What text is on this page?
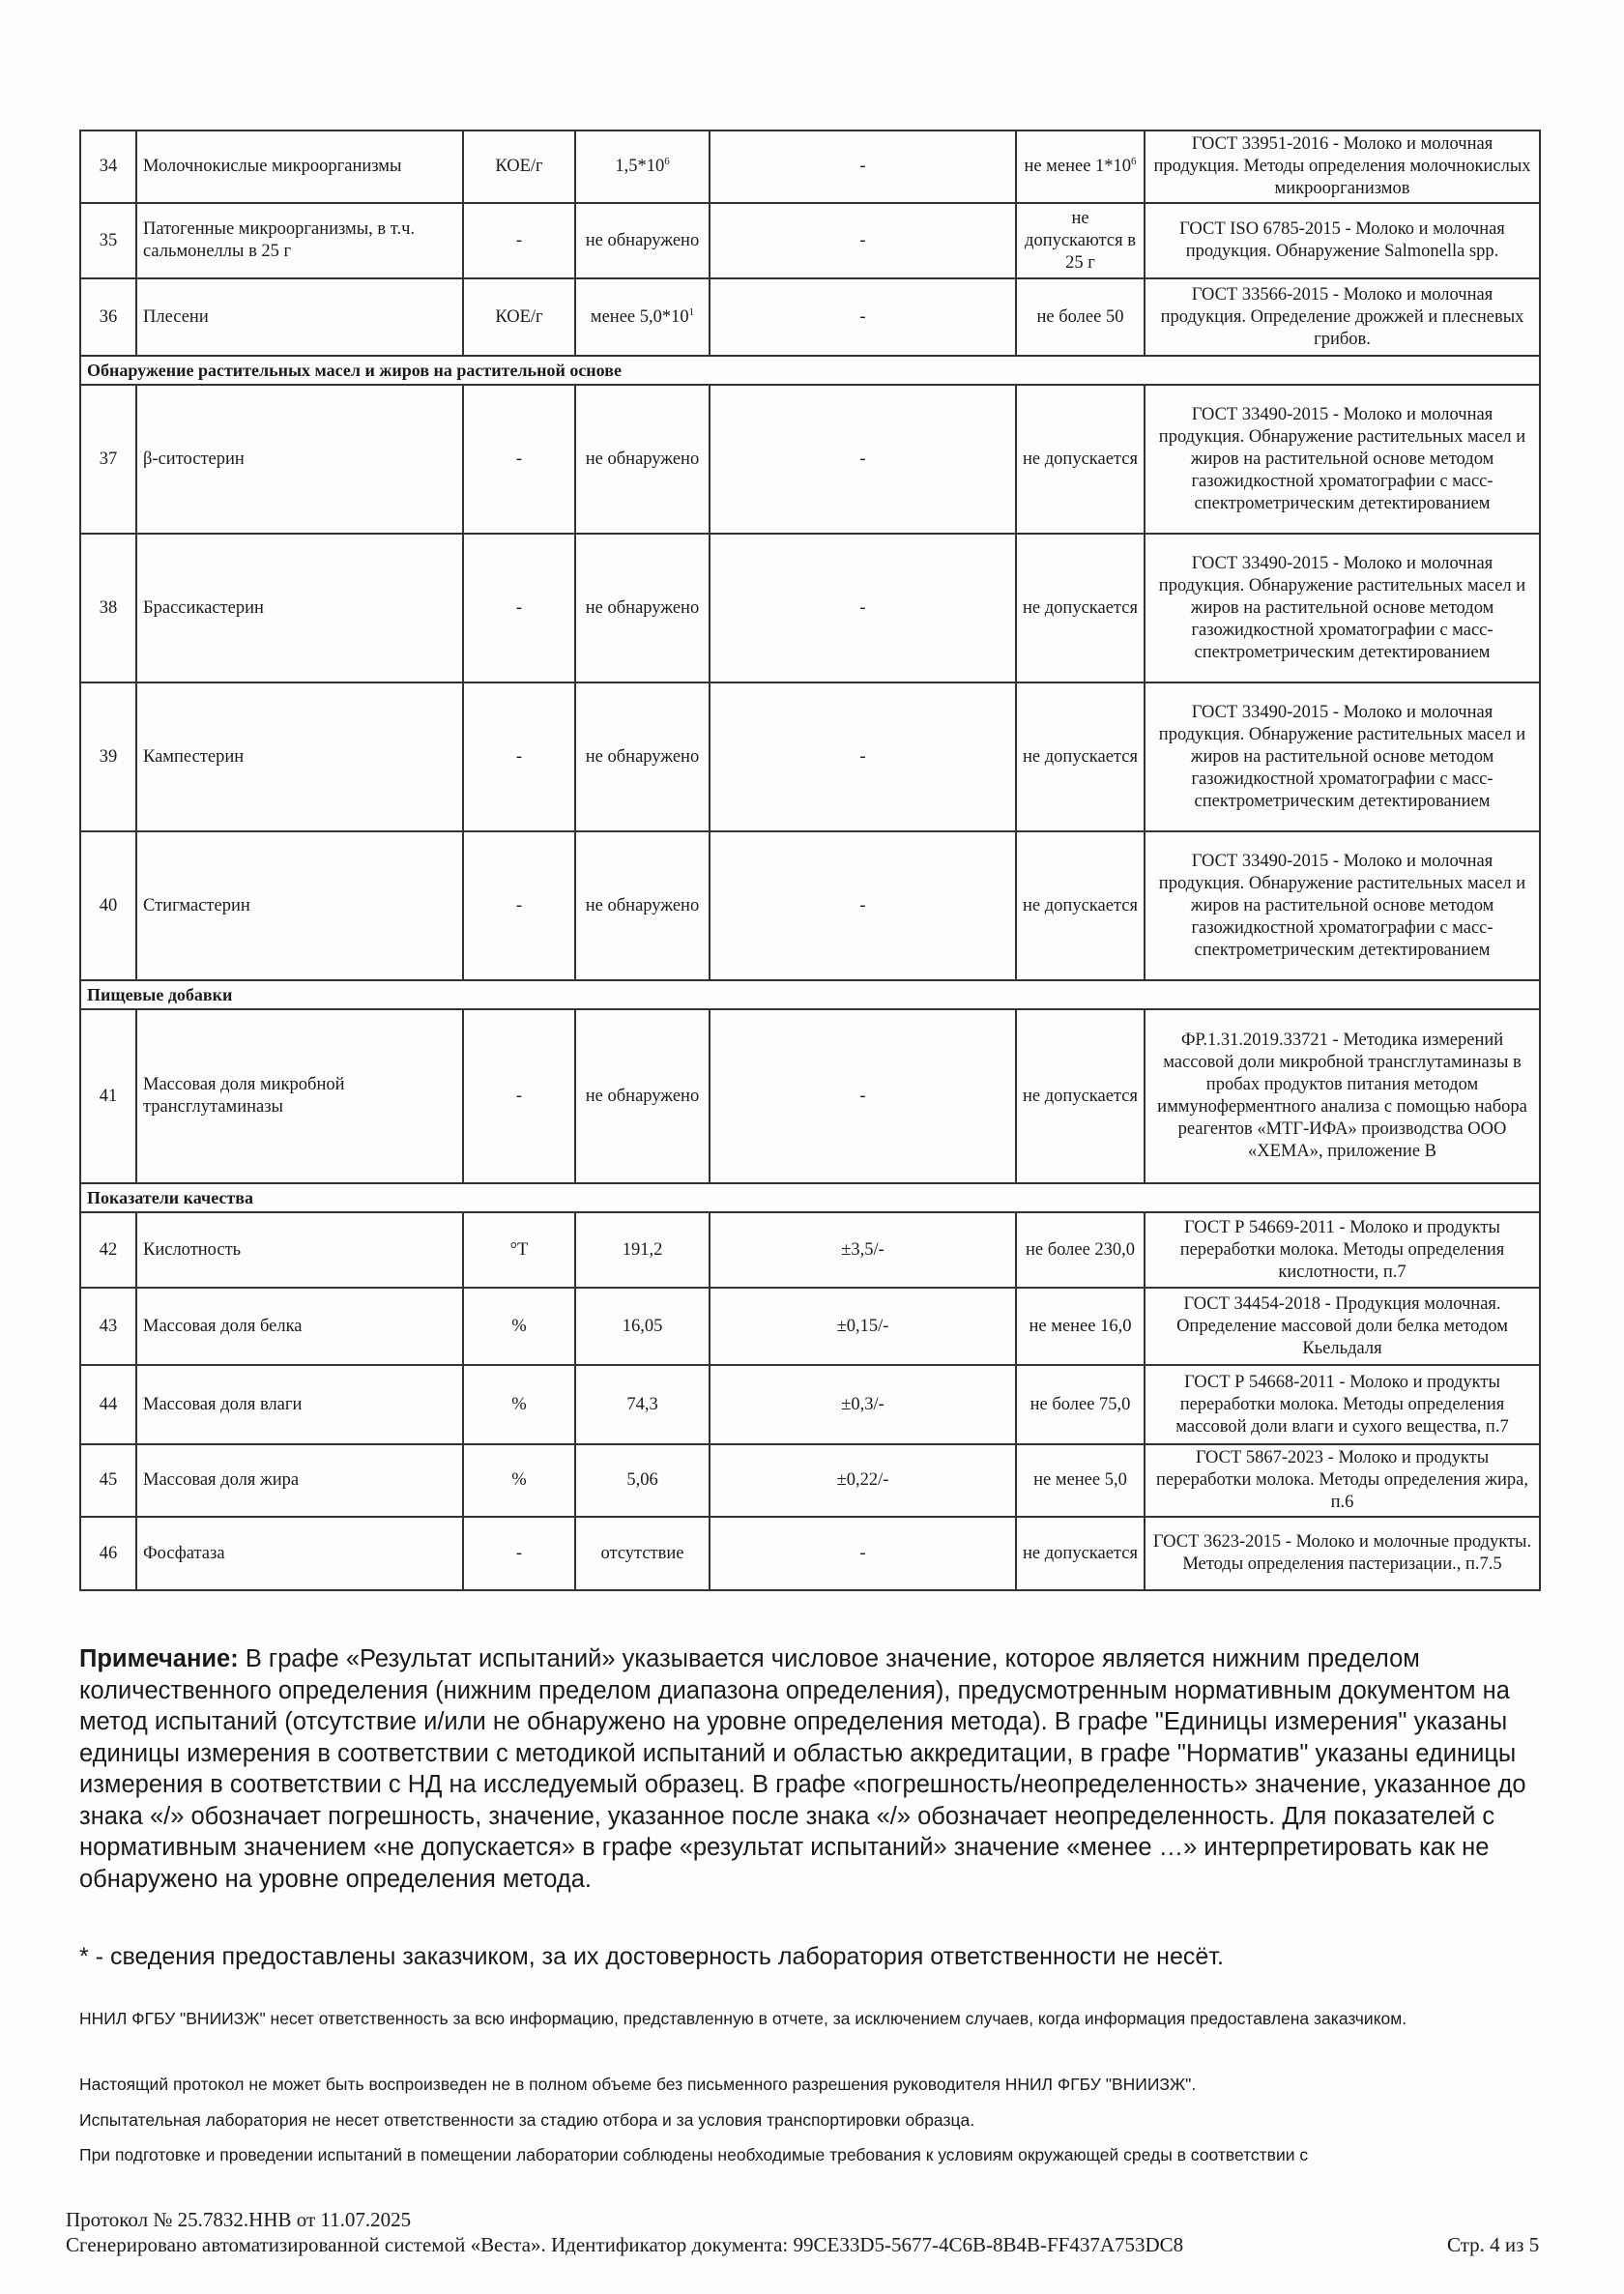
34	Молочнокислые микроорганизмы	КОЕ/г	$1,5*10^6$	-	не менее $1*10^6$	ГОСТ 33951-2016 - Молоко и молочная продукция. Методы определения молочнокислых микроорганизмов
35	Патогенные микроорганизмы, в т.ч. сальмонеллы в 25 г	-	не обнаружено	-	не допускаются в 25 г	ГОСТ ISO 6785-2015 - Молоко и молочная продукция. Обнаружение Salmonella spp.
36	Плесени	КОЕ/г	менее $5,0*10^1$	-	не более 50	ГОСТ 33566-2015 - Молоко и молочная продукция. Определение дрожжей и плесневых грибов.
Обнаружение растительных масел и жиров на растительной основе						
37	β-ситостерин	-	не обнаружено	-	не допускается	ГОСТ 33490-2015 - Молоко и молочная продукция. Обнаружение растительных масел и жиров на растительной основе методом газожидкостной хроматографии с масс-спектрометрическим детектированием
38	Брассикастерин	-	не обнаружено	-	не допускается	ГОСТ 33490-2015 - Молоко и молочная продукция. Обнаружение растительных масел и жиров на растительной основе методом газожидкостной хроматографии с масс-спектрометрическим детектированием
39	Кампестерин	-	не обнаружено	-	не допускается	ГОСТ 33490-2015 - Молоко и молочная продукция. Обнаружение растительных масел и жиров на растительной основе методом газожидкостной хроматографии с масс-спектрометрическим детектированием
40	Стигмастерин	-	не обнаружено	-	не допускается	ГОСТ 33490-2015 - Молоко и молочная продукция. Обнаружение растительных масел и жиров на растительной основе методом газожидкостной хроматографии с масс-спектрометрическим детектированием
Пищевые добавки						
41	Массовая доля микробной трансглутаминазы	-	не обнаружено	-	не допускается	ФР.1.31.2019.33721 - Методика измерений массовой доли микробной трансглутаминазы в пробах продуктов питания методом иммуноферментного анализа с помощью набора реагентов «МТГ-ИФА» производства ООО «ХЕМА», приложение В
Показатели качества						
42	Кислотность	°Т	191,2	±3,5/-	не более 230,0	ГОСТ Р 54669-2011 - Молоко и продукты переработки молока. Методы определения кислотности, п.7
43	Массовая доля белка	%	16,05	±0,15/-	не менее 16,0	ГОСТ 34454-2018 - Продукция молочная. Определение массовой доли белка методом Кьельдаля
44	Массовая доля влаги	%	74,3	±0,3/-	не более 75,0	ГОСТ Р 54668-2011 - Молоко и продукты переработки молока. Методы определения массовой доли влаги и сухого вещества, п.7
45	Массовая доля жира	%	5,06	±0,22/-	не менее 5,0	ГОСТ 5867-2023 - Молоко и продукты переработки молока. Методы определения жира, п.6
46	Фосфатаза	-	отсутствие	-	не допускается	ГОСТ 3623-2015 - Молоко и молочные продукты. Методы определения пастеризации., п.7.5
Примечание: В графе «Результат испытаний» указывается числовое значение, которое является нижним пределом количественного определения (нижним пределом диапазона определения), предусмотренным нормативным документом на метод испытаний (отсутствие и/или не обнаружено на уровне определения метода). В графе "Единицы измерения" указаны единицы измерения в соответствии с методикой испытаний и областью аккредитации, в графе "Норматив" указаны единицы измерения в соответствии с НД на исследуемый образец. В графе «погрешность/неопределенность» значение, указанное до знака «/» обозначает погрешность, значение, указанное после знака «/» обозначает неопределенность. Для показателей с нормативным значением «не допускается» в графе «результат испытаний» значение «менее …» интерпретировать как не обнаружено на уровне определения метода.
* - сведения предоставлены заказчиком, за их достоверность лаборатория ответственности не несёт.
ННИЛ ФГБУ "ВНИИЗЖ" несет ответственность за всю информацию, представленную в отчете, за исключением случаев, когда информация предоставлена заказчиком.
Настоящий протокол не может быть воспроизведен не в полном объеме без письменного разрешения руководителя ННИЛ ФГБУ "ВНИИЗЖ".
Испытательная лаборатория не несет ответственности за стадию отбора и за условия транспортировки образца.
При подготовке и проведении испытаний в помещении лаборатории соблюдены необходимые требования к условиям окружающей среды в соответствии с
Протокол № 25.7832.ННВ от 11.07.2025
Сгенерировано автоматизированной системой «Веста». Идентификатор документа: 99CE33D5-5677-4C6B-8B4B-FF437A753DC8	Стр. 4 из 5
